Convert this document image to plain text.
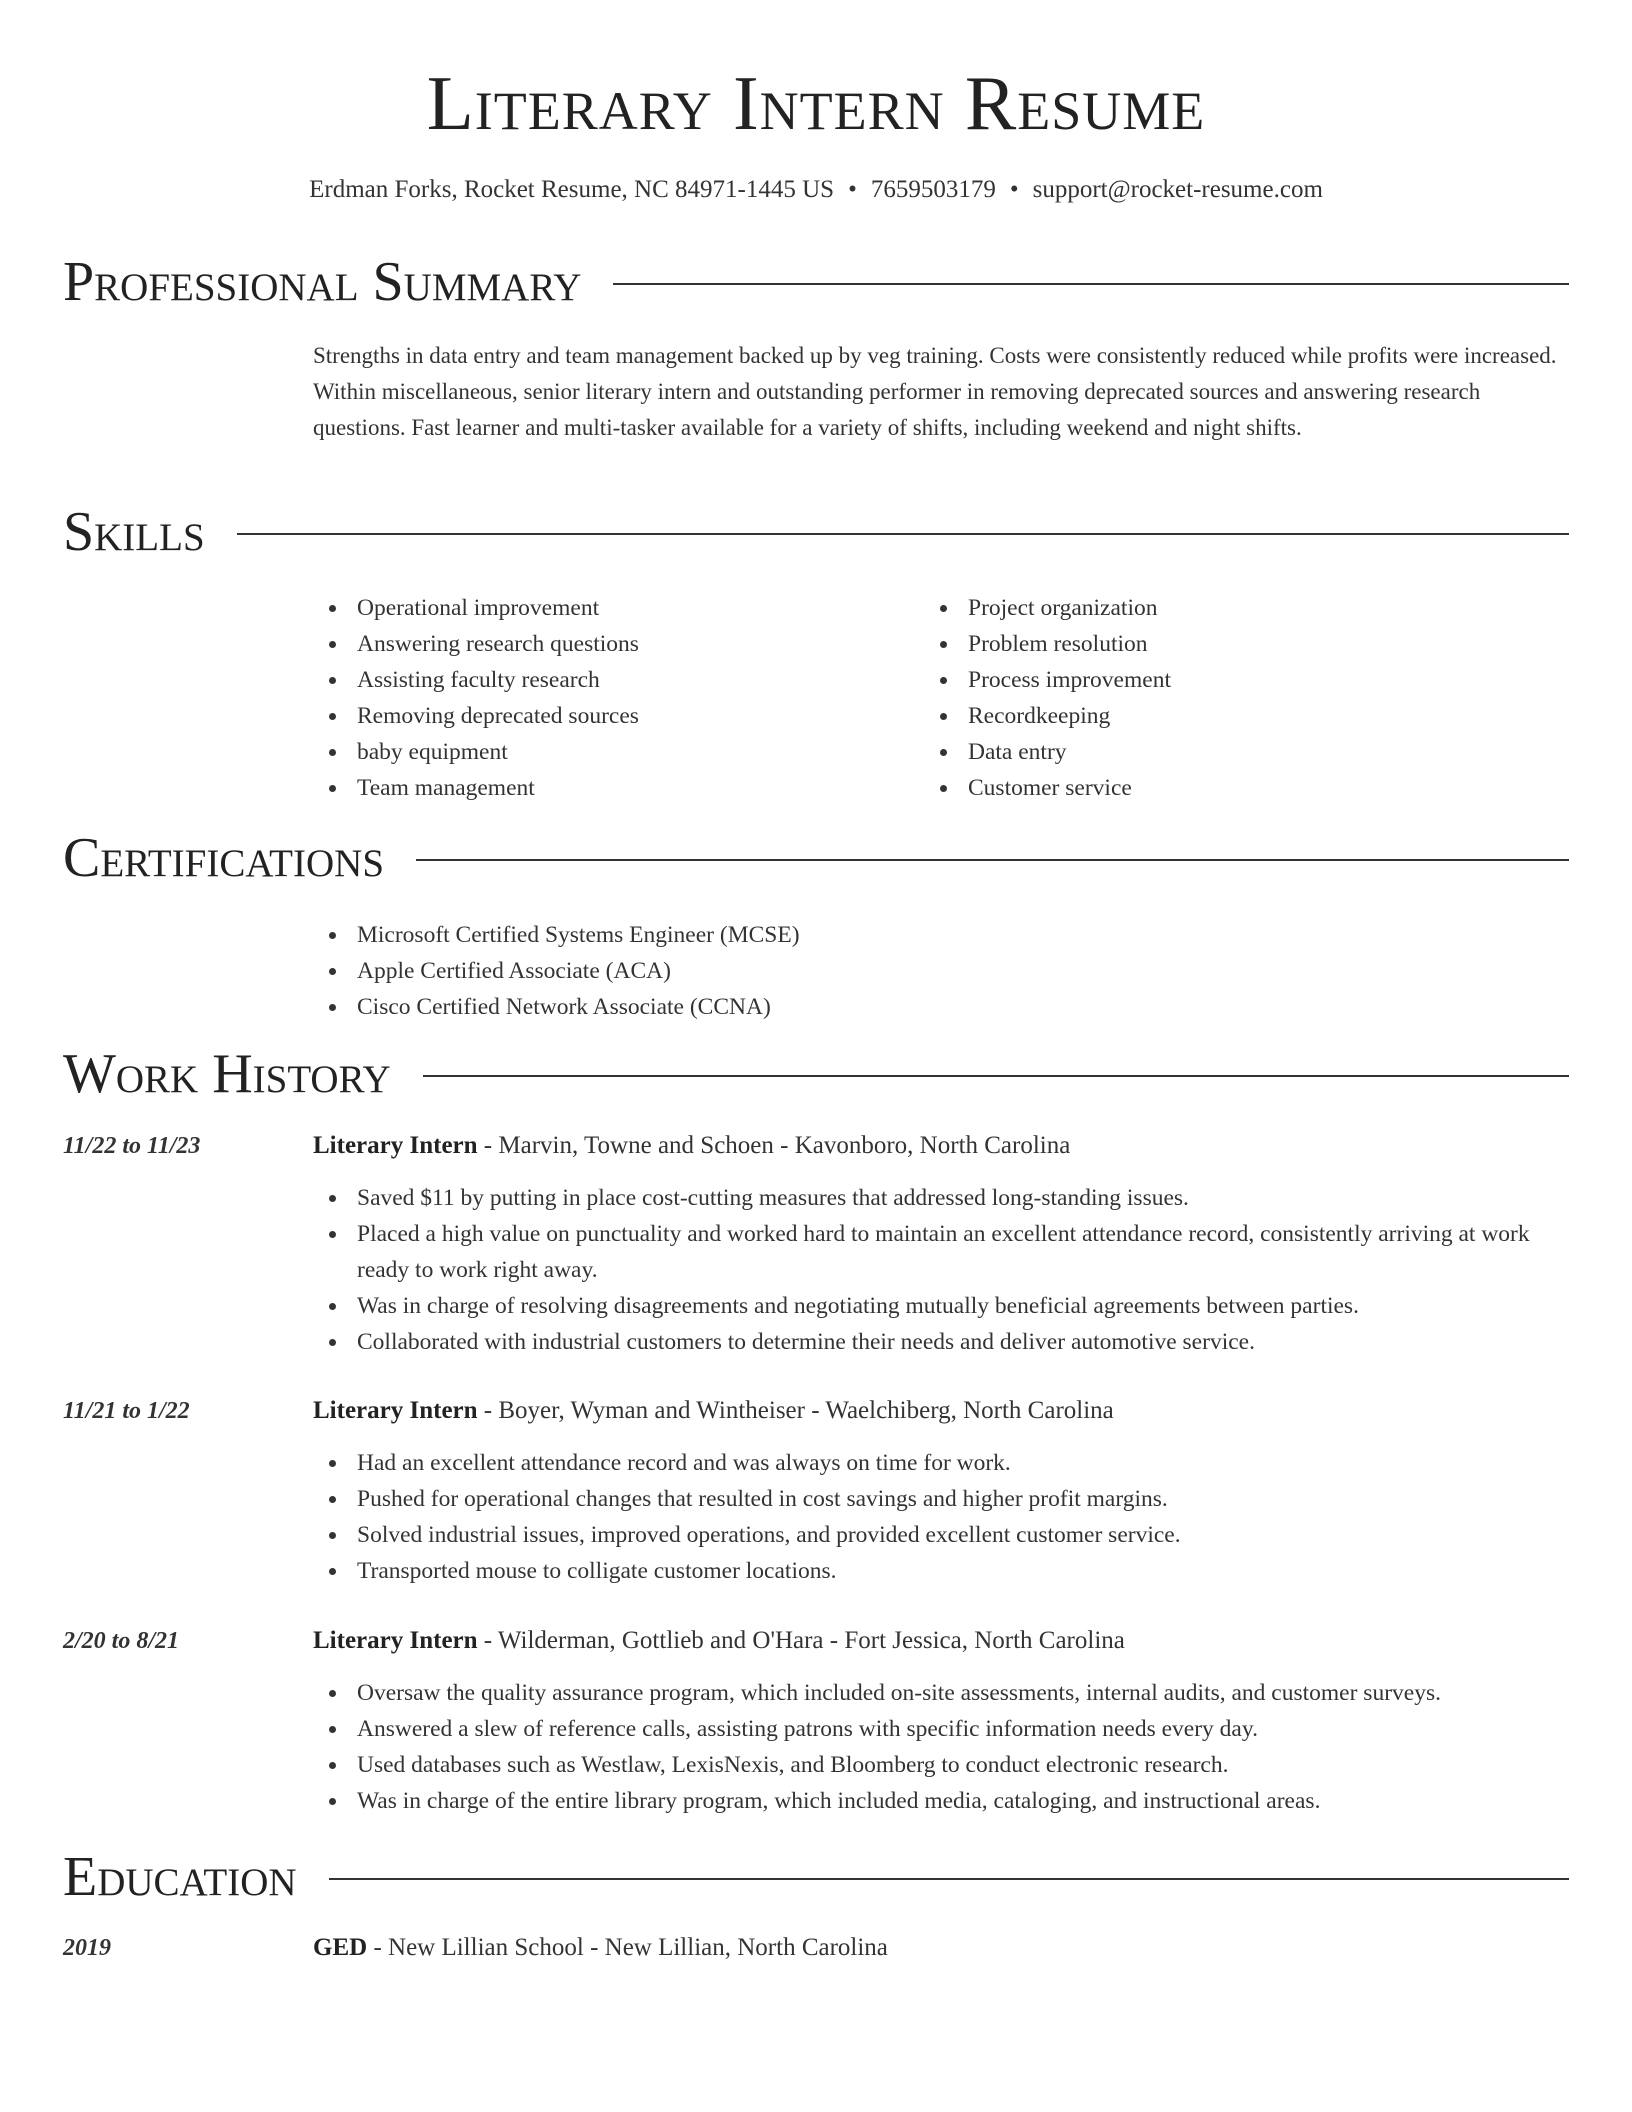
Literary Intern Resume
Erdman Forks, Rocket Resume, NC 84971-1445 US • 7659503179 • support@rocket-resume.com
Professional Summary
Strengths in data entry and team management backed up by veg training. Costs were consistently reduced while profits were increased. Within miscellaneous, senior literary intern and outstanding performer in removing deprecated sources and answering research questions. Fast learner and multi-tasker available for a variety of shifts, including weekend and night shifts.
Skills
Operational improvement
Answering research questions
Assisting faculty research
Removing deprecated sources
baby equipment
Team management
Project organization
Problem resolution
Process improvement
Recordkeeping
Data entry
Customer service
Certifications
Microsoft Certified Systems Engineer (MCSE)
Apple Certified Associate (ACA)
Cisco Certified Network Associate (CCNA)
Work History
11/22 to 11/23	Literary Intern - Marvin, Towne and Schoen - Kavonboro, North Carolina
Saved $11 by putting in place cost-cutting measures that addressed long-standing issues.
Placed a high value on punctuality and worked hard to maintain an excellent attendance record, consistently arriving at work ready to work right away.
Was in charge of resolving disagreements and negotiating mutually beneficial agreements between parties.
Collaborated with industrial customers to determine their needs and deliver automotive service.
11/21 to 1/22	Literary Intern - Boyer, Wyman and Wintheiser - Waelchiberg, North Carolina
Had an excellent attendance record and was always on time for work.
Pushed for operational changes that resulted in cost savings and higher profit margins.
Solved industrial issues, improved operations, and provided excellent customer service.
Transported mouse to colligate customer locations.
2/20 to 8/21	Literary Intern - Wilderman, Gottlieb and O'Hara - Fort Jessica, North Carolina
Oversaw the quality assurance program, which included on-site assessments, internal audits, and customer surveys.
Answered a slew of reference calls, assisting patrons with specific information needs every day.
Used databases such as Westlaw, LexisNexis, and Bloomberg to conduct electronic research.
Was in charge of the entire library program, which included media, cataloging, and instructional areas.
Education
2019	GED - New Lillian School - New Lillian, North Carolina
